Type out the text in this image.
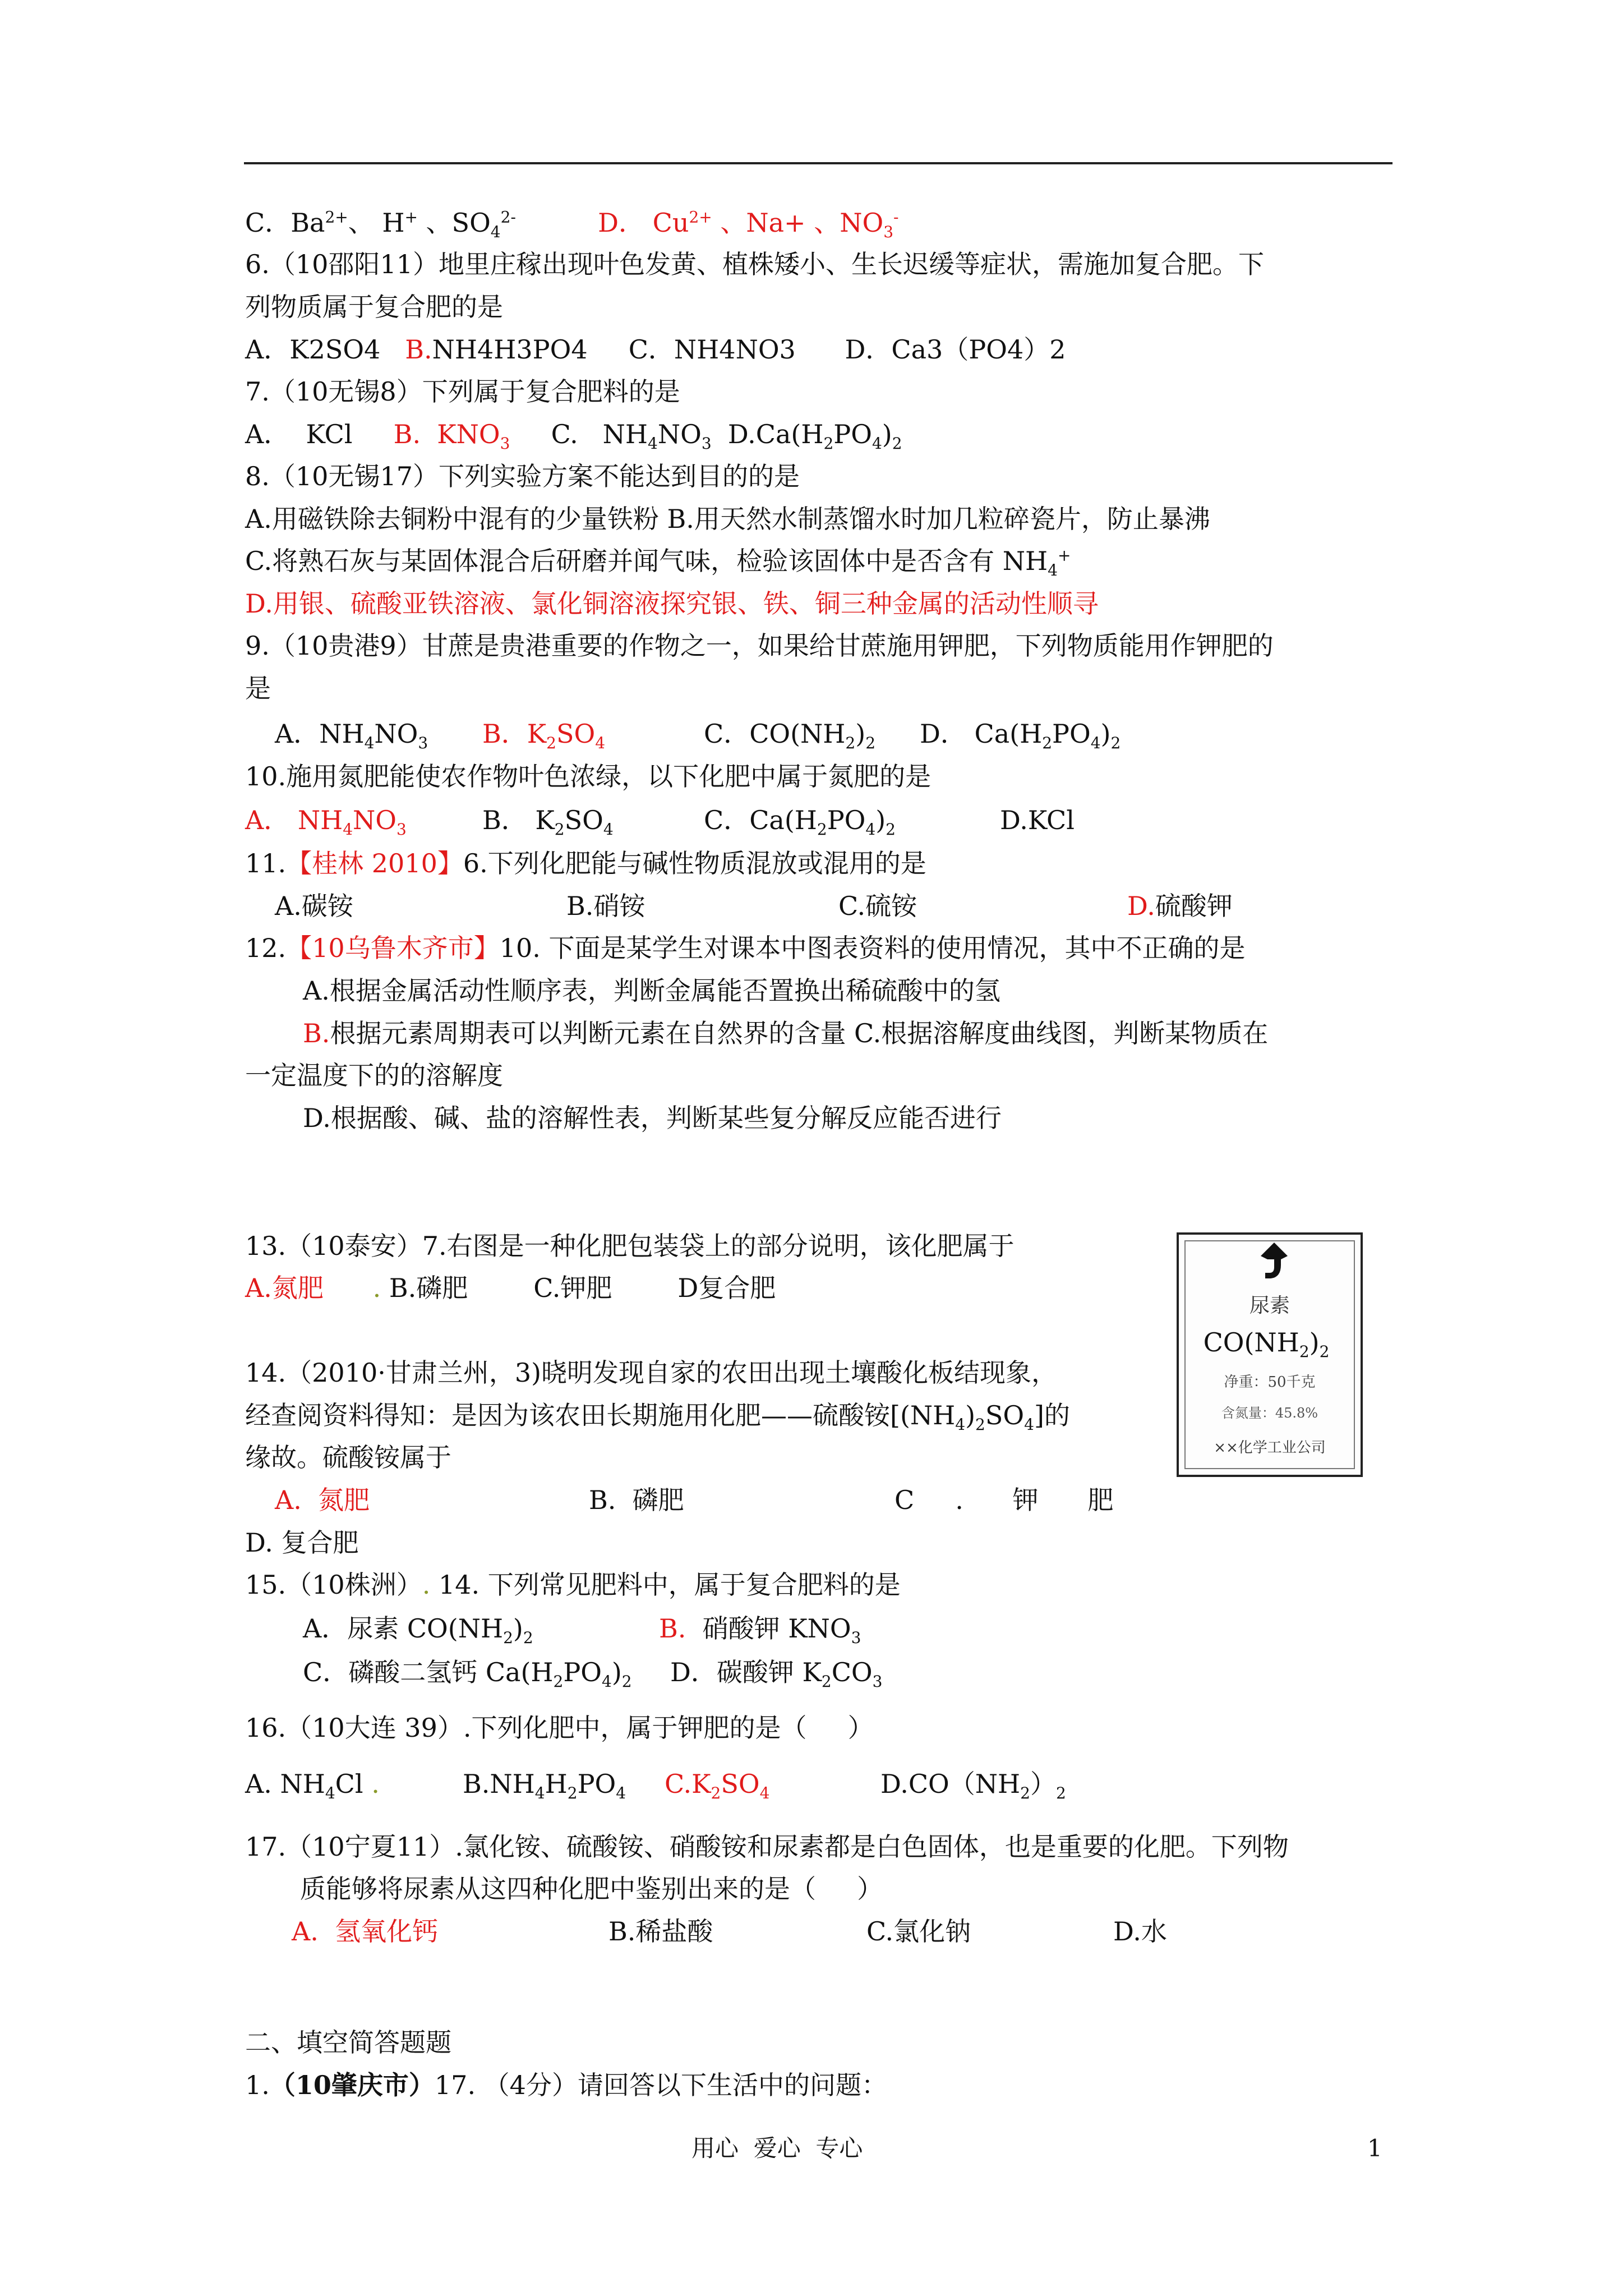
C．$Ba^{2+}$、 H+ 、$SO_4^{2-}$	D． $Cu^{2+}$ 、Na+ 、$NO_3^-$
6.（10邵阳11）地里庄稼出现叶色发黄、植株矮小、生长迟缓等症状，需施加复合肥。下
列物质属于复合肥的是
A．K2SO4 B.NH4H3PO4 C．NH4NO3 D．Ca3（PO4）2
7.（10无锡8）下列属于复合肥料的是
A．  KCl B.  $KNO_3$ C.   $NH_4NO_3$ $D.Ca(H_2PO_4)_2$
8.（10无锡17）下列实验方案不能达到目的的是
A.用磁铁除去铜粉中混有的少量铁粉 B.用天然水制蒸馏水时加几粒碎瓷片，防止暴沸
C.将熟石灰与某固体混合后研磨并闻气味，检验该固体中是否含有 $NH_4^+$
D.用银、硫酸亚铁溶液、氯化铜溶液探究银、铁、铜三种金属的活动性顺寻
9.（10贵港9）甘蔗是贵港重要的作物之一，如果给甘蔗施用钾肥，下列物质能用作钾肥的
是
A．$NH_4NO_3$ B．$K_2SO_4$	C．$CO(NH_2)_2$ D． $Ca(H_2PO_4)_2$
10.施用氮肥能使农作物叶色浓绿，以下化肥中属于氮肥的是
A． $NH_4NO_3$	B． $K_2SO_4$	C．$Ca(H_2PO_4)_2$	D.KCl
11.【桂林 2010】6.下列化肥能与碱性物质混放或混用的是
A.碳铵	B.硝铵	C.硫铵	D.硫酸钾
12.【10乌鲁木齐市】10. 下面是某学生对课本中图表资料的使用情况，其中不正确的是
A.根据金属活动性顺序表，判断金属能否置换出稀硫酸中的氢
B.根据元素周期表可以判断元素在自然界的含量 C.根据溶解度曲线图，判断某物质在
一定温度下的的溶解度
D.根据酸、碱、盐的溶解性表，判断某些复分解反应能否进行
13.（10泰安）7.右图是一种化肥包装袋上的部分说明，该化肥属于
A.氮肥 . B.磷肥	C.钾肥	D复合肥
尿素
$CO(NH_2)_2$
净重：50千克
含氮量：45.8%
××化学工业公司
14.（2010·甘肃兰州，3)晓明发现自家的农田出现土壤酸化板结现象，
经查阅资料得知：是因为该农田长期施用化肥——硫酸铵$[(NH_4)_2SO_4]$的
缘故。硫酸铵属于
A.  氮肥	B.  磷肥	C     .      钾      肥
D. 复合肥
15.（10株洲）. 14. 下列常见肥料中，属于复合肥料的是
A．尿素 $CO(NH_2)_2$	B.  硝酸钾 $KNO_3$
C．磷酸二氢钙 $Ca(H_2PO_4)_2$ D．碳酸钾 $K_2CO_3$
16.（10大连 39）.下列化肥中，属于钾肥的是（     ）
A. $NH_4Cl$ .	$B.NH_4H_2PO_4$ $C.K_2SO_4$	$D.CO(NH_2)_2$
17.（10宁夏11）.氯化铵、硫酸铵、硝酸铵和尿素都是白色固体，也是重要的化肥。下列物
质能够将尿素从这四种化肥中鉴别出来的是（     ）
A.  氢氧化钙	B.稀盐酸	C.氯化钠	D.水
二、填空简答题题
1.（10肇庆市）17. （4分）请回答以下生活中的问题：
用心  爱心  专心	1
